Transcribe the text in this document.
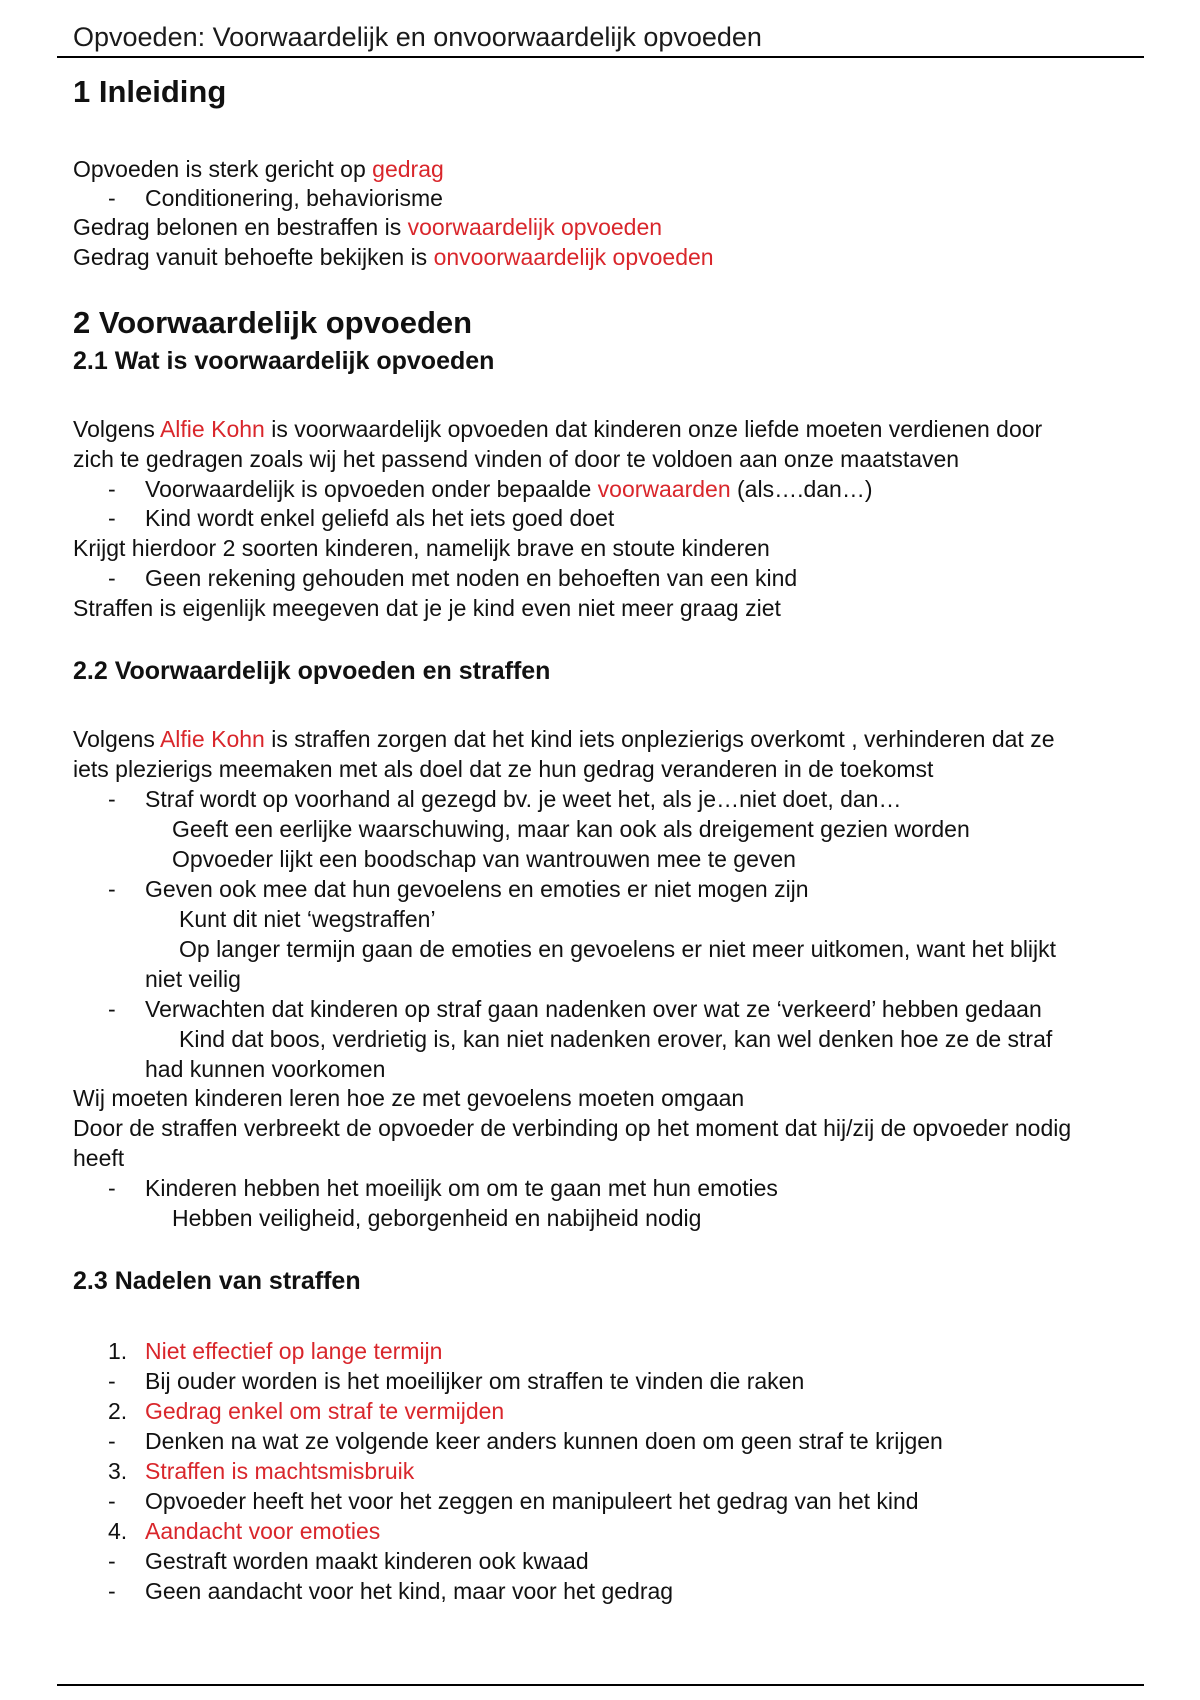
Opvoeden: Voorwaardelijk en onvoorwaardelijk opvoeden
1 Inleiding
Opvoeden is sterk gericht op gedrag
- Conditionering, behaviorisme
Gedrag belonen en bestraffen is voorwaardelijk opvoeden
Gedrag vanuit behoefte bekijken is onvoorwaardelijk opvoeden
2 Voorwaardelijk opvoeden
2.1 Wat is voorwaardelijk opvoeden
Volgens Alfie Kohn is voorwaardelijk opvoeden dat kinderen onze liefde moeten verdienen door
zich te gedragen zoals wij het passend vinden of door te voldoen aan onze maatstaven
- Voorwaardelijk is opvoeden onder bepaalde voorwaarden (als….dan…)
- Kind wordt enkel geliefd als het iets goed doet
Krijgt hierdoor 2 soorten kinderen, namelijk brave en stoute kinderen
- Geen rekening gehouden met noden en behoeften van een kind
Straffen is eigenlijk meegeven dat je je kind even niet meer graag ziet
2.2 Voorwaardelijk opvoeden en straffen
Volgens Alfie Kohn is straffen zorgen dat het kind iets onplezierigs overkomt , verhinderen dat ze
iets plezierigs meemaken met als doel dat ze hun gedrag veranderen in de toekomst
- Straf wordt op voorhand al gezegd bv. je weet het, als je…niet doet, dan…
Geeft een eerlijke waarschuwing, maar kan ook als dreigement gezien worden
Opvoeder lijkt een boodschap van wantrouwen mee te geven
- Geven ook mee dat hun gevoelens en emoties er niet mogen zijn
Kunt dit niet ‘wegstraffen’
Op langer termijn gaan de emoties en gevoelens er niet meer uitkomen, want het blijkt
niet veilig
- Verwachten dat kinderen op straf gaan nadenken over wat ze ‘verkeerd’ hebben gedaan
Kind dat boos, verdrietig is, kan niet nadenken erover, kan wel denken hoe ze de straf
had kunnen voorkomen
Wij moeten kinderen leren hoe ze met gevoelens moeten omgaan
Door de straffen verbreekt de opvoeder de verbinding op het moment dat hij/zij de opvoeder nodig
heeft
- Kinderen hebben het moeilijk om om te gaan met hun emoties
Hebben veiligheid, geborgenheid en nabijheid nodig
2.3 Nadelen van straffen
1. Niet effectief op lange termijn
- Bij ouder worden is het moeilijker om straffen te vinden die raken
2. Gedrag enkel om straf te vermijden
- Denken na wat ze volgende keer anders kunnen doen om geen straf te krijgen
3. Straffen is machtsmisbruik
- Opvoeder heeft het voor het zeggen en manipuleert het gedrag van het kind
4. Aandacht voor emoties
- Gestraft worden maakt kinderen ook kwaad
- Geen aandacht voor het kind, maar voor het gedrag
